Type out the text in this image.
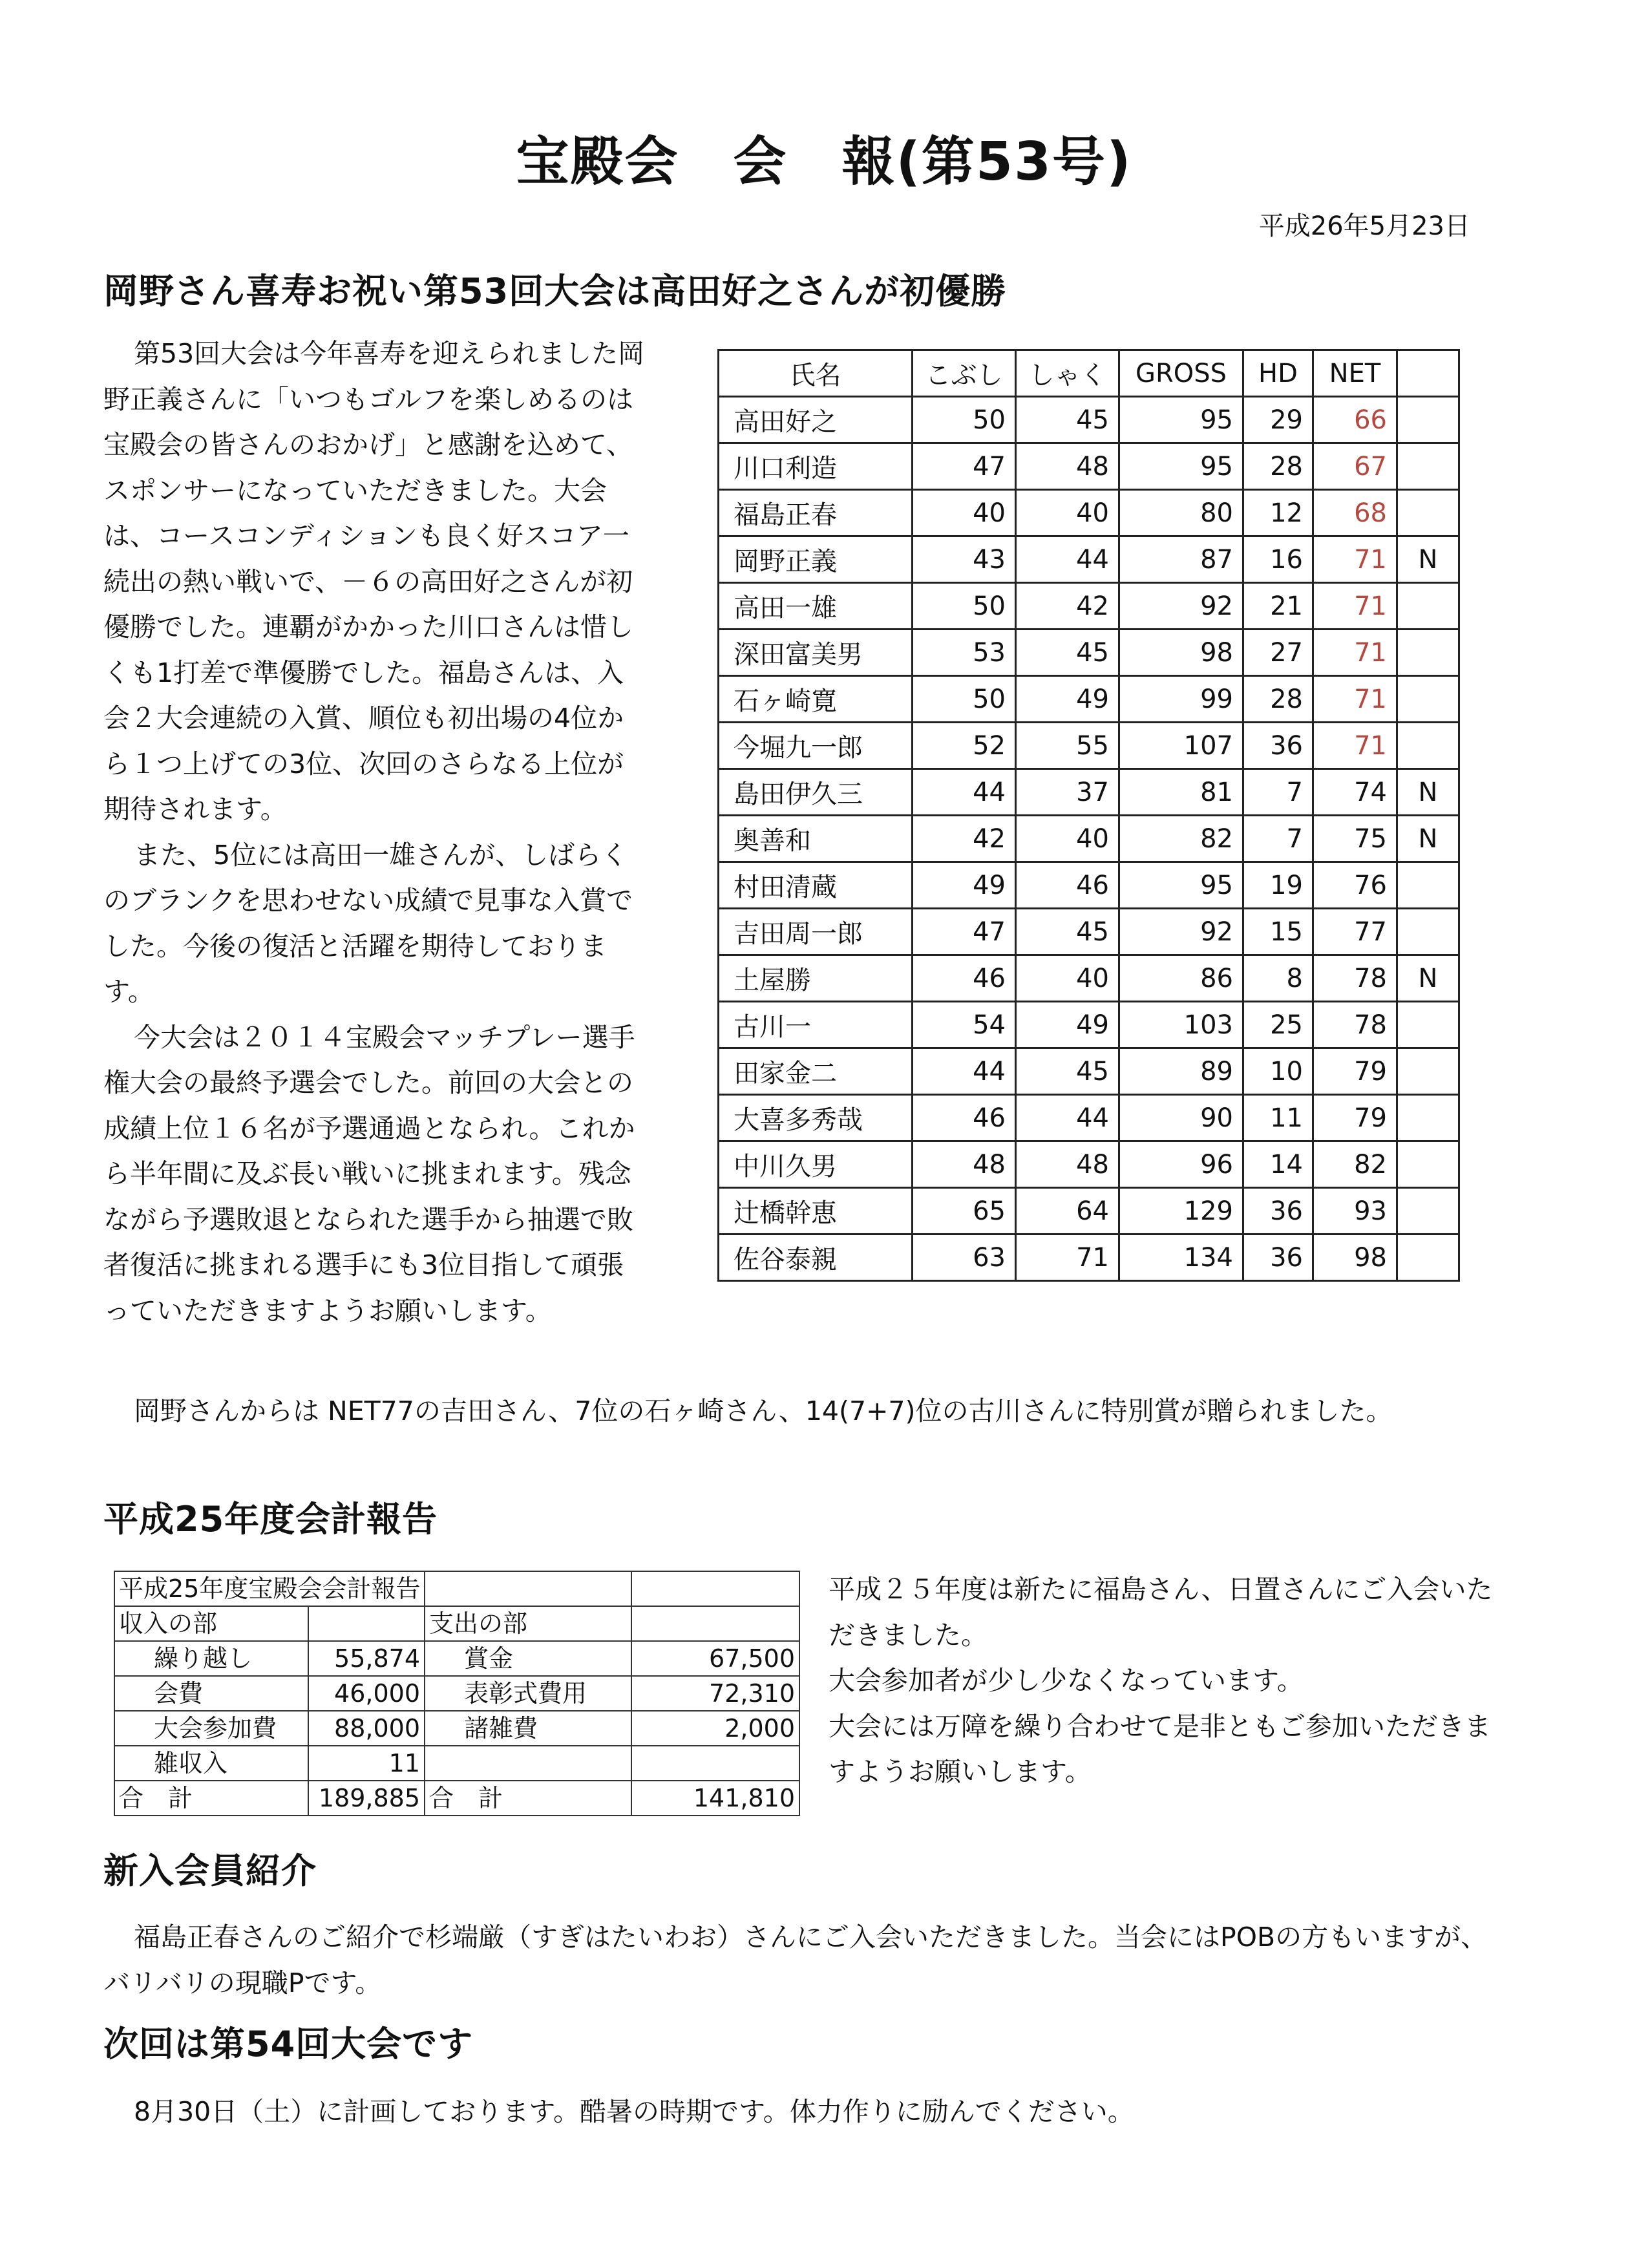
宝殿会　会　報(第53号)
平成26年5月23日
岡野さん喜寿お祝い第53回大会は高田好之さんが初優勝

第53回大会は今年喜寿を迎えられました岡野正義さんに「いつもゴルフを楽しめるのは宝殿会の皆さんのおかげ」と感謝を込めて、スポンサーになっていただきました。大会は、コースコンディションも良く好スコア一続出の熱い戦いで、－６の高田好之さんが初優勝でした。連覇がかかった川口さんは惜しくも1打差で準優勝でした。福島さんは、入会２大会連続の入賞、順位も初出場の4位から１つ上げての3位、次回のさらなる上位が期待されます。

また、5位には高田一雄さんが、しばらくのブランクを思わせない成績で見事な入賞でした。今後の復活と活躍を期待しております。

今大会は２０１４宝殿会マッチプレー選手権大会の最終予選会でした。前回の大会との成績上位１６名が予選通過となられ。これから半年間に及ぶ長い戦いに挑まれます。残念ながら予選敗退となられた選手から抽選で敗者復活に挑まれる選手にも3位目指して頑張っていただきますようお願いします。

氏名	こぶし	しゃく	GROSS	HD	NET	
高田好之	50	45	95	29	66	
川口利造	47	48	95	28	67	
福島正春	40	40	80	12	68	
岡野正義	43	44	87	16	71	N
高田一雄	50	42	92	21	71	
深田富美男	53	45	98	27	71	
石ヶ崎寛	50	49	99	28	71	
今堀九一郎	52	55	107	36	71	
島田伊久三	44	37	81	7	74	N
奥善和	42	40	82	7	75	N
村田清蔵	49	46	95	19	76	
吉田周一郎	47	45	92	15	77	
土屋勝	46	40	86	8	78	N
古川一	54	49	103	25	78	
田家金二	44	45	89	10	79	
大喜多秀哉	46	44	90	11	79	
中川久男	48	48	96	14	82	
辻橋幹恵	65	64	129	36	93	
佐谷泰親	63	71	134	36	98	

岡野さんからは NET77の吉田さん、7位の石ヶ崎さん、14(7+7)位の古川さんに特別賞が贈られました。

平成25年度会計報告
平成25年度宝殿会会計報告			
収入の部		支出の部	
繰り越し	55,874	賞金	67,500
会費	46,000	表彰式費用	72,310
大会参加費	88,000	諸雑費	2,000
雑収入	11		
合　計	189,885	合　計	141,810

平成２５年度は新たに福島さん、日置さんにご入会いただきました。

大会参加者が少し少なくなっています。

大会には万障を繰り合わせて是非ともご参加いただきますようお願いします。

新入会員紹介

福島正春さんのご紹介で杉端厳（すぎはたいわお）さんにご入会いただきました。当会にはPOBの方もいますが、バリバリの現職Pです。

次回は第54回大会です

8月30日（土）に計画しております。酷暑の時期です。体力作りに励んでください。
